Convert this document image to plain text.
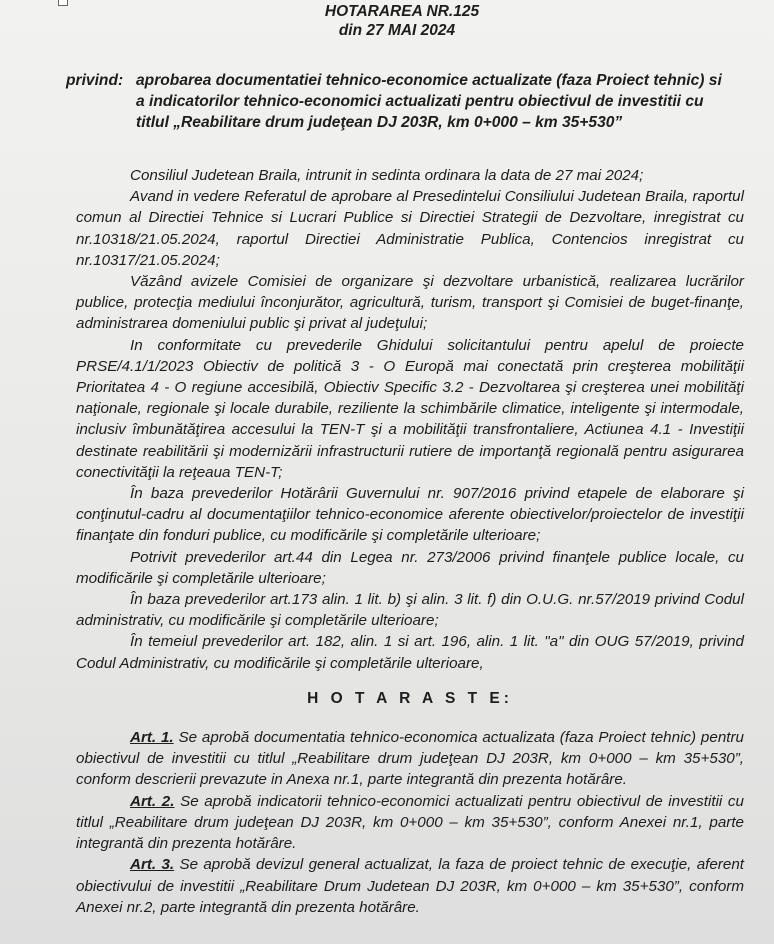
HOTARAREA NR.125
din 27 MAI 2024
privind: aprobarea documentatiei tehnico-economice actualizate (faza Proiect tehnic) si a indicatorilor tehnico-economici actualizati pentru obiectivul de investitii cu titlul „Reabilitare drum judeţean DJ 203R, km 0+000 – km 35+530”

Consiliul Judetean Braila, intrunit in sedinta ordinara la data de 27 mai 2024;

Avand in vedere Referatul de aprobare al Presedintelui Consiliului Judetean Braila, raportul comun al Directiei Tehnice si Lucrari Publice si Directiei Strategii de Dezvoltare, inregistrat cu nr.10318/21.05.2024, raportul Directiei Administratie Publica, Contencios inregistrat cu nr.10317/21.05.2024;

Văzând avizele Comisiei de organizare şi dezvoltare urbanistică, realizarea lucrărilor publice, protecţia mediului înconjurător, agricultură, turism, transport şi Comisiei de buget-finanţe, administrarea domeniului public şi privat al judeţului;

In conformitate cu prevederile Ghidului solicitantului pentru apelul de proiecte PRSE/4.1/1/2023 Obiectiv de politică 3 - O Europă mai conectată prin creşterea mobilităţii Prioritatea 4 - O regiune accesibilă, Obiectiv Specific 3.2 - Dezvoltarea şi creşterea unei mobilităţi naţionale, regionale şi locale durabile, reziliente la schimbările climatice, inteligente şi intermodale, inclusiv îmbunătăţirea accesului la TEN-T şi a mobilităţii transfrontaliere, Actiunea 4.1 - Investiţii destinate reabilitării şi modernizării infrastructurii rutiere de importanţă regională pentru asigurarea conectivităţii la reţeaua TEN-T;

În baza prevederilor Hotărârii Guvernului nr. 907/2016 privind etapele de elaborare şi conţinutul-cadru al documentaţiilor tehnico-economice aferente obiectivelor/proiectelor de investiţii finanţate din fonduri publice, cu modificările şi completările ulterioare;

Potrivit prevederilor art.44 din Legea nr. 273/2006 privind finanţele publice locale, cu modificările şi completările ulterioare;

În baza prevederilor art.173 alin. 1 lit. b) şi alin. 3 lit. f) din O.U.G. nr.57/2019 privind Codul administrativ, cu modificările şi completările ulterioare;

În temeiul prevederilor art. 182, alin. 1 si art. 196, alin. 1 lit. "a" din OUG 57/2019, privind Codul Administrativ, cu modificările şi completările ulterioare,

H O T A R A S T E:

Art. 1. Se aprobă documentatia tehnico-economica actualizata (faza Proiect tehnic) pentru obiectivul de investitii cu titlul „Reabilitare drum judeţean DJ 203R, km 0+000 – km 35+530”, conform descrierii prevazute in Anexa nr.1, parte integrantă din prezenta hotărâre.

Art. 2. Se aprobă indicatorii tehnico-economici actualizati pentru obiectivul de investitii cu titlul „Reabilitare drum judeţean DJ 203R, km 0+000 – km 35+530”, conform Anexei nr.1, parte integrantă din prezenta hotărâre.

Art. 3. Se aprobă devizul general actualizat, la faza de proiect tehnic de execuţie, aferent obiectivului de investitii „Reabilitare Drum Judetean DJ 203R, km 0+000 – km 35+530”, conform Anexei nr.2, parte integrantă din prezenta hotărâre.
